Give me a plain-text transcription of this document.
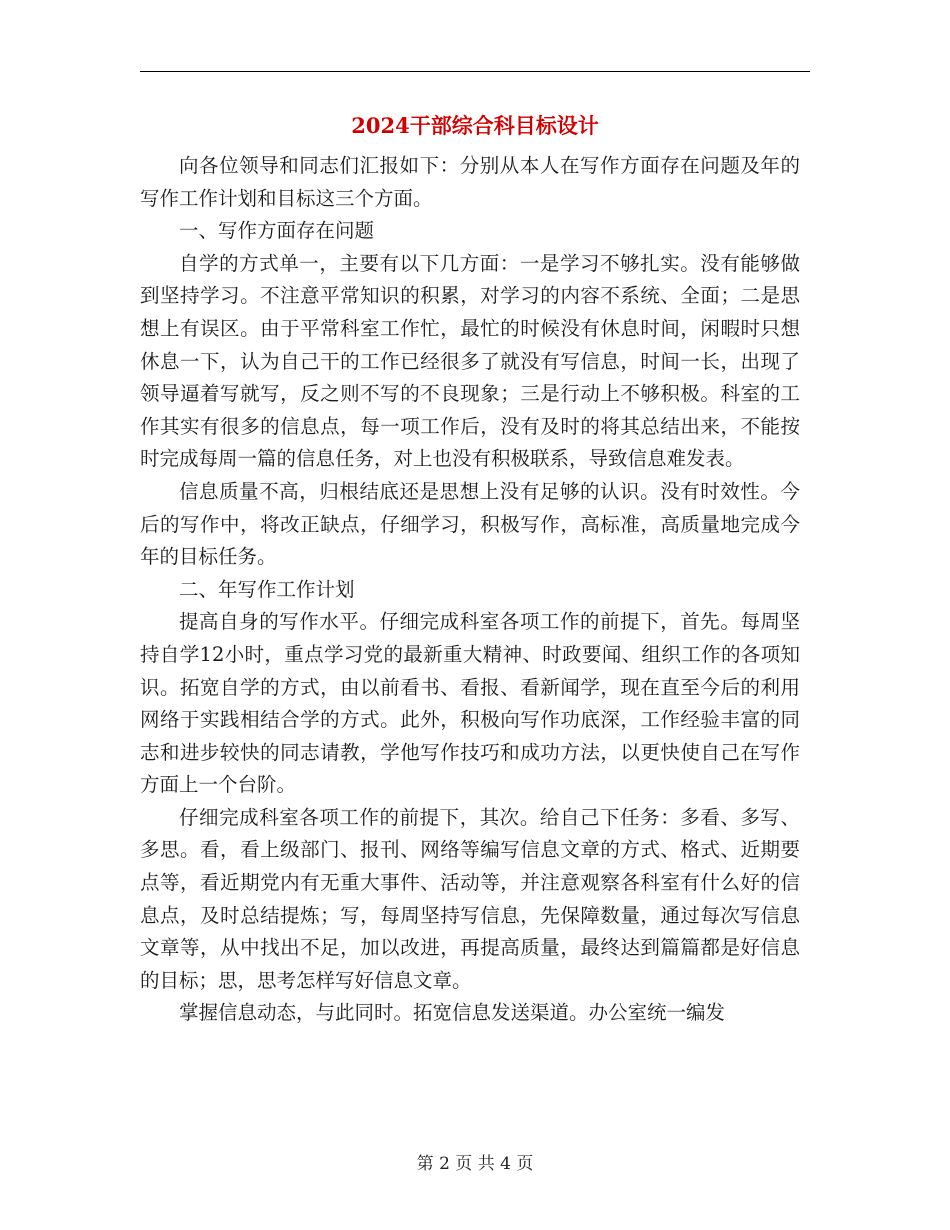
2024干部综合科目标设计

向各位领导和同志们汇报如下：分别从本人在写作方面存在问题及年的写作工作计划和目标这三个方面。

一、写作方面存在问题

自学的方式单一，主要有以下几方面：一是学习不够扎实。没有能够做到坚持学习。不注意平常知识的积累，对学习的内容不系统、全面；二是思想上有误区。由于平常科室工作忙，最忙的时候没有休息时间，闲暇时只想休息一下，认为自己干的工作已经很多了就没有写信息，时间一长，出现了领导逼着写就写，反之则不写的不良现象；三是行动上不够积极。科室的工作其实有很多的信息点，每一项工作后，没有及时的将其总结出来，不能按时完成每周一篇的信息任务，对上也没有积极联系，导致信息难发表。

信息质量不高，归根结底还是思想上没有足够的认识。没有时效性。今后的写作中，将改正缺点，仔细学习，积极写作，高标准，高质量地完成今年的目标任务。

二、年写作工作计划

提高自身的写作水平。仔细完成科室各项工作的前提下，首先。每周坚持自学12小时，重点学习党的最新重大精神、时政要闻、组织工作的各项知识。拓宽自学的方式，由以前看书、看报、看新闻学，现在直至今后的利用网络于实践相结合学的方式。此外，积极向写作功底深，工作经验丰富的同志和进步较快的同志请教，学他写作技巧和成功方法，以更快使自己在写作方面上一个台阶。

仔细完成科室各项工作的前提下，其次。给自己下任务：多看、多写、多思。看，看上级部门、报刊、网络等编写信息文章的方式、格式、近期要点等，看近期党内有无重大事件、活动等，并注意观察各科室有什么好的信息点，及时总结提炼；写，每周坚持写信息，先保障数量，通过每次写信息文章等，从中找出不足，加以改进，再提高质量，最终达到篇篇都是好信息的目标；思，思考怎样写好信息文章。

掌握信息动态，与此同时。拓宽信息发送渠道。办公室统一编发

第 2 页 共 4 页
